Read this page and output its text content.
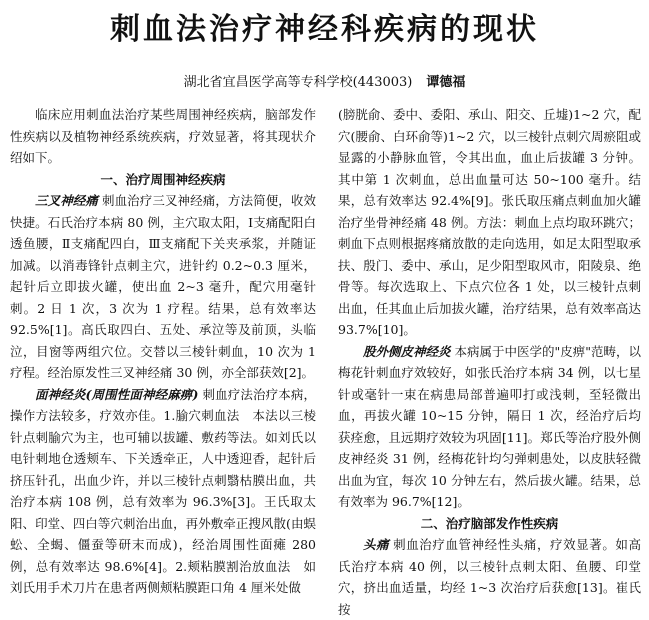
刺血法治疗神经科疾病的现状
湖北省宜昌医学高等专科学校(443003) 谭德福

临床应用刺血法治疗某些周围神经疾病，脑部发作性疾病以及植物神经系统疾病，疗效显著，将其现状介绍如下。

一、治疗周围神经疾病

三叉神经痛 刺血治疗三叉神经痛，方法简便，收效快捷。石氏治疗本病 80 例，主穴取太阳，Ⅰ支痛配阳白透鱼腰，Ⅱ支痛配四白，Ⅲ支痛配下关夹承浆，并随证加减。以消毒锋针点刺主穴，进针约 0.2~0.3 厘米，起针后立即拔火罐，使出血 2~3 毫升，配穴用毫针刺。2 日 1 次，3 次为 1 疗程。结果，总有效率达 92.5%[1]。高氏取四白、五处、承泣等及前顶，头临泣，目窗等两组穴位。交替以三棱针刺血，10 次为 1 疗程。经治原发性三叉神经痛 30 例，亦全部获效[2]。

面神经炎(周围性面神经麻痹) 刺血疗法治疗本病，操作方法较多，疗效亦佳。1.腧穴刺血法　本法以三棱针点刺腧穴为主，也可辅以拔罐、敷药等法。如刘氏以电针刺地仓透颊车、下关透牵正，人中透迎香，起针后挤压针孔，出血少许，并以三棱针点刺翳枯膜出血，共治疗本病 108 例，总有效率为 96.3%[3]。王氏取太阳、印堂、四白等穴刺治出血，再外敷牵正搜风散(由蜈蚣、全蝎、僵蚕等研末而成)，经治周围性面瘫 280 例，总有效率达 98.6%[4]。2.颊粘膜割治放血法　如刘氏用手术刀片在患者两侧颊粘膜距口角 4 厘米处做

(膀胱俞、委中、委阳、承山、阳交、丘墟)1~2 穴，配穴(腰俞、白环俞等)1~2 穴，以三棱针点刺穴周瘀阻或显露的小静脉血管，令其出血，血止后拔罐 3 分钟。其中第 1 次刺血，总出血量可达 50~100 毫升。结果，总有效率达 92.4%[9]。张氏取压痛点刺血加火罐治疗坐骨神经痛 48 例。方法：刺血上点均取环跳穴；刺血下点则根据疼痛放散的走向选用，如足太阳型取承扶、殷门、委中、承山，足少阳型取风市，阳陵泉、绝骨等。每次选取上、下点穴位各 1 处，以三棱针点刺出血，任其血止后加拔火罐，治疗结果，总有效率高达 93.7%[10]。

股外侧皮神经炎 本病属于中医学的"皮痹"范畴，以梅花针刺血疗效较好，如张氏治疗本病 34 例，以七星针或毫针一束在病患局部普遍叩打或浅刺，至轻微出血，再拔火罐 10~15 分钟，隔日 1 次，经治疗后均获痊愈，且远期疗效较为巩固[11]。郑氏等治疗股外侧皮神经炎 31 例，经梅花针均匀弹刺患处，以皮肤轻微出血为宜，每次 10 分钟左右，然后拔火罐。结果，总有效率为 96.7%[12]。

二、治疗脑部发作性疾病

头痛 刺血治疗血管神经性头痛，疗效显著。如高氏治疗本病 40 例，以三棱针点刺太阳、鱼腰、印堂穴，挤出血适量，均经 1~3 次治疗后获愈[13]。崔氏按
